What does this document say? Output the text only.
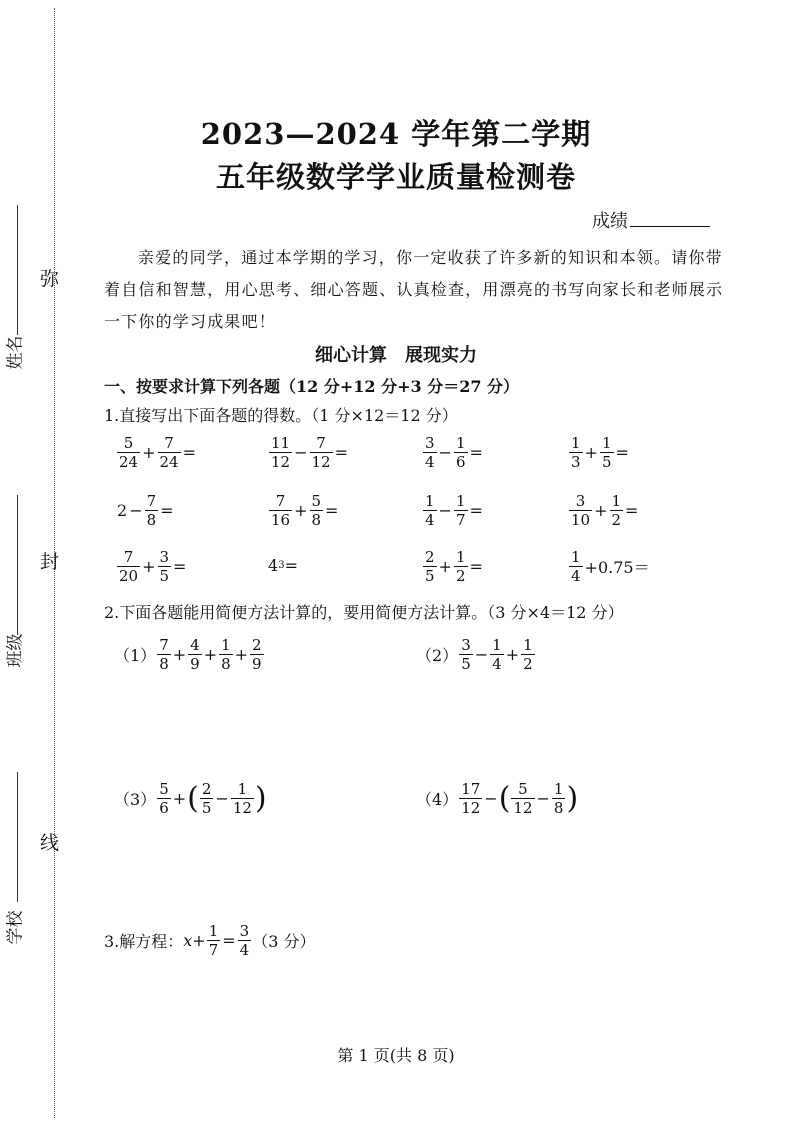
姓名
班级
学校
弥
封
线
2023—2024 学年第二学期
五年级数学学业质量检测卷
成绩
亲爱的同学，通过本学期的学习，你一定收获了许多新的知识和本领。请你带着自信和智慧，用心思考、细心答题、认真检查，用漂亮的书写向家长和老师展示一下你的学习成果吧！
细心计算　展现实力
一、按要求计算下列各题（12 分+12 分+3 分＝27 分）
1.直接写出下面各题的得数。（1 分×12＝12 分）
$\frac{5}{24} + \frac{7}{24}$ =	$\frac{11}{12} - \frac{7}{12}$ =	$\frac{3}{4} - \frac{1}{6}$ =	$\frac{1}{3} + \frac{1}{5}$ =
$2 - \frac{7}{8}$ =	$\frac{7}{16} + \frac{5}{8}$ =	$\frac{1}{4} - \frac{1}{7}$ =	$\frac{3}{10} + \frac{1}{2}$ =
$\frac{7}{20} + \frac{3}{5}$ =	4 3 =	$\frac{2}{5} + \frac{1}{2}$ =	$\frac{1}{4} +0.75=$
2.下面各题能用简便方法计算的，要用简便方法计算。（3 分×4＝12 分）
$(1) \frac{7}{8} + \frac{4}{9} + \frac{1}{8} + \frac{2}{9}$	$(2) \frac{3}{5} - \frac{1}{4} + \frac{1}{2}$
$(3) \frac{5}{6}$ + ( $\frac{2}{5} - \frac{1}{12}$ )	$(4) \frac{17}{12}$ − ( $\frac{5}{12} - \frac{1}{8}$ )
3.解方程： $x+ \frac{1}{7} = \frac{3}{4} (3$ 分）
第 1 页(共 8 页)
